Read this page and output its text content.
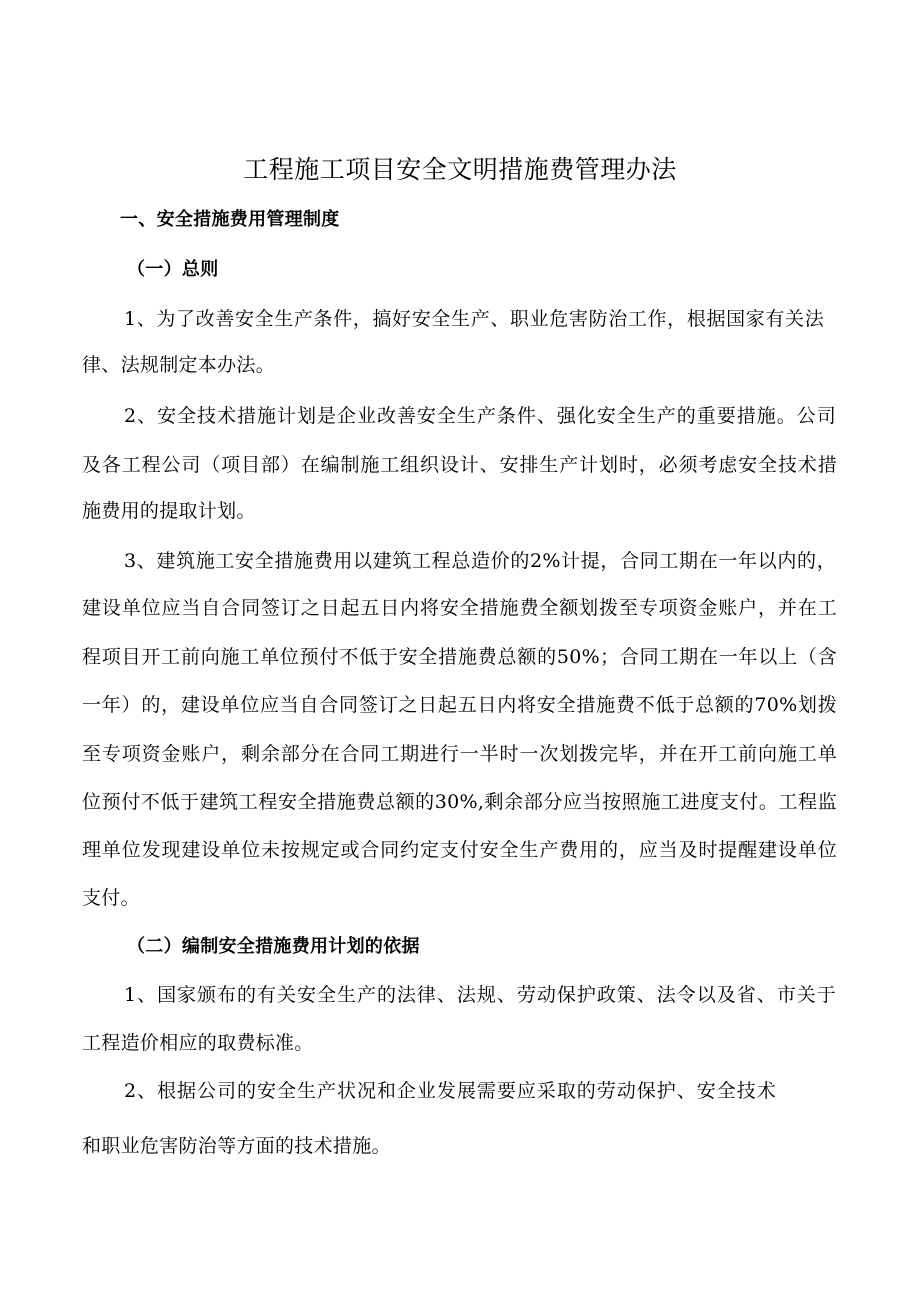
工程施工项目安全文明措施费管理办法
一、安全措施费用管理制度
（一）总则
1、为了改善安全生产条件，搞好安全生产、职业危害防治工作，根据国家有关法
律、法规制定本办法。
2、安全技术措施计划是企业改善安全生产条件、强化安全生产的重要措施。公司
及各工程公司（项目部）在编制施工组织设计、安排生产计划时，必须考虑安全技术措
施费用的提取计划。
3、建筑施工安全措施费用以建筑工程总造价的2%计提，合同工期在一年以内的，
建设单位应当自合同签订之日起五日内将安全措施费全额划拨至专项资金账户，并在工
程项目开工前向施工单位预付不低于安全措施费总额的50%；合同工期在一年以上（含
一年）的，建设单位应当自合同签订之日起五日内将安全措施费不低于总额的70%划拨
至专项资金账户，剩余部分在合同工期进行一半时一次划拨完毕，并在开工前向施工单
位预付不低于建筑工程安全措施费总额的30%,剩余部分应当按照施工进度支付。工程监
理单位发现建设单位未按规定或合同约定支付安全生产费用的，应当及时提醒建设单位
支付。
（二）编制安全措施费用计划的依据
1、国家颁布的有关安全生产的法律、法规、劳动保护政策、法令以及省、市关于
工程造价相应的取费标准。
2、根据公司的安全生产状况和企业发展需要应采取的劳动保护、安全技术
和职业危害防治等方面的技术措施。
